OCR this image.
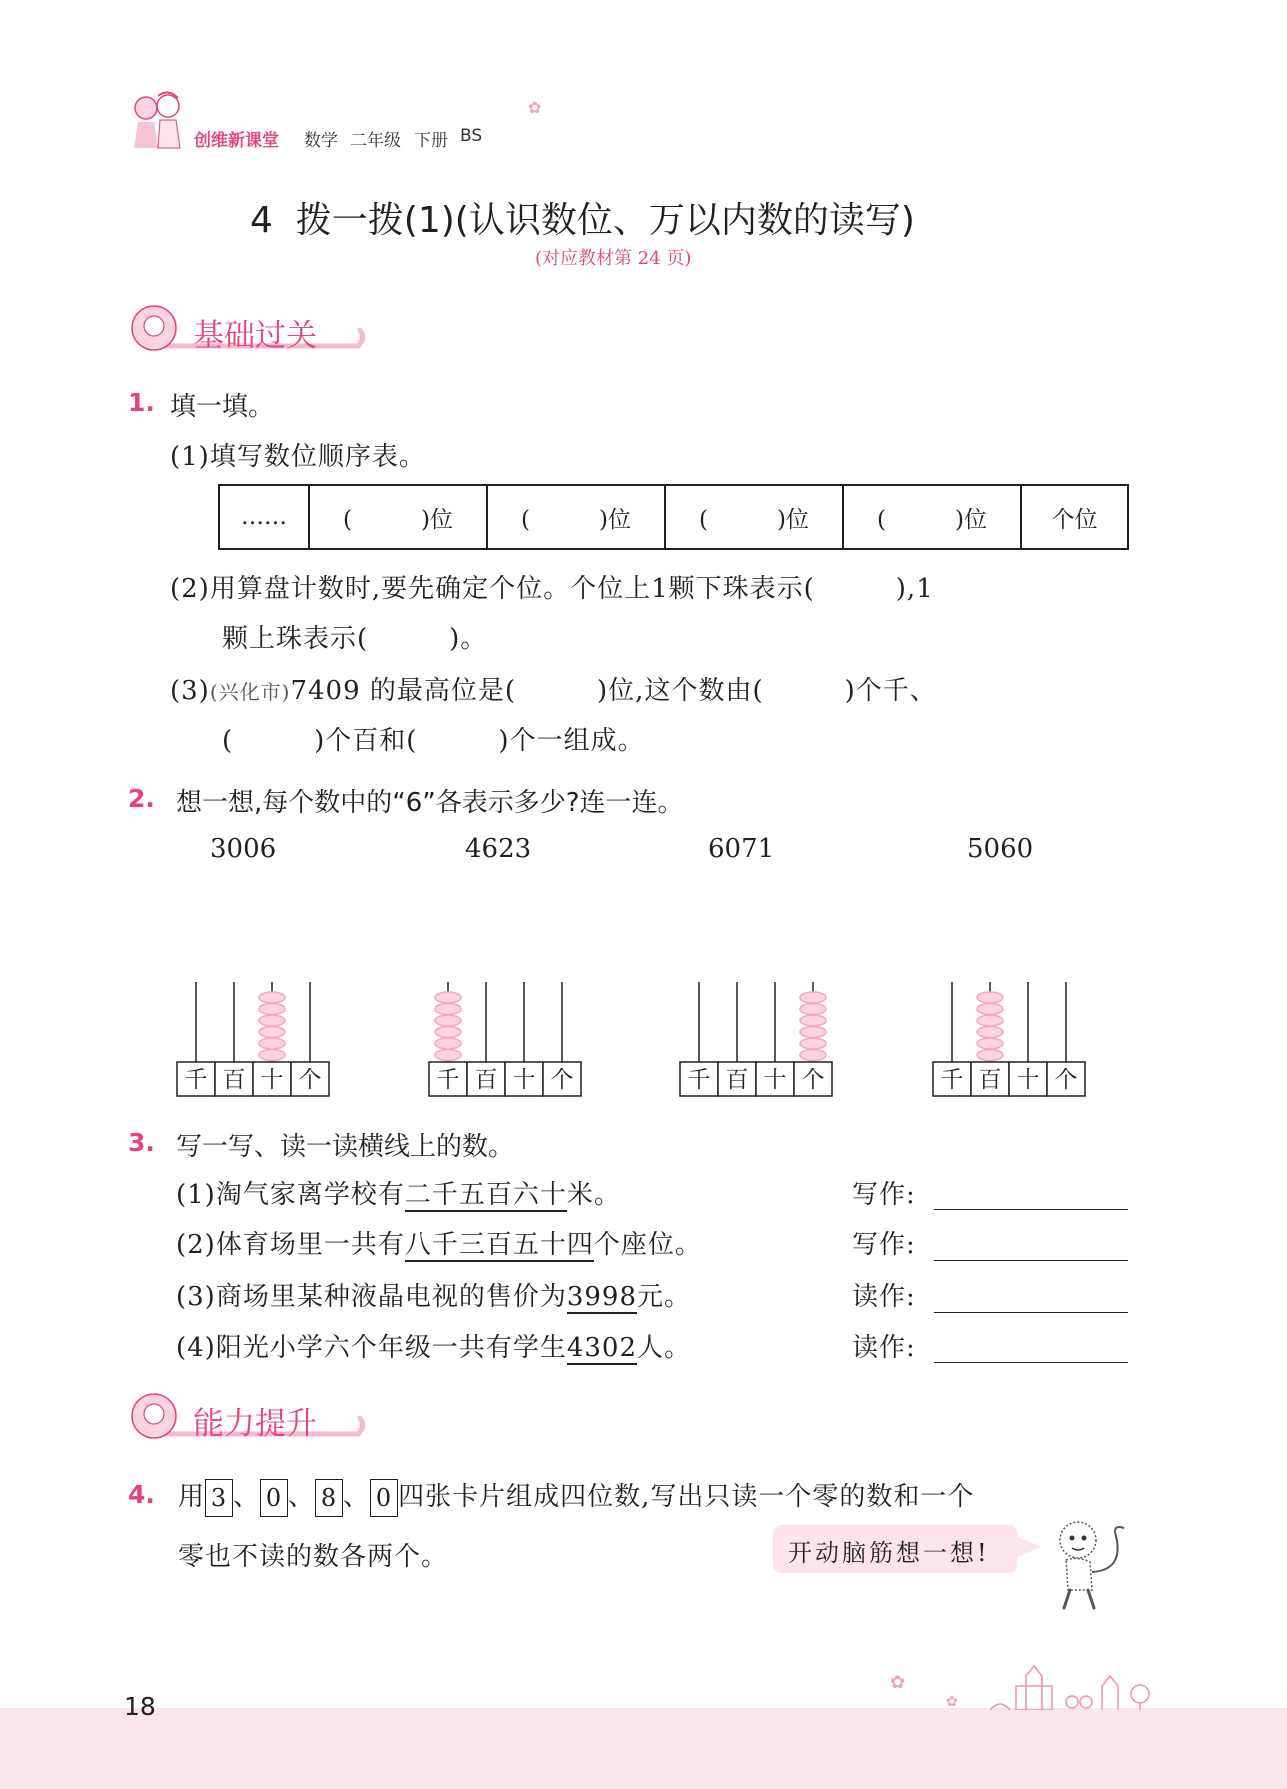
创维新课堂 数学 二年级 下册 BS
✿
4  拨一拨(1)(认识数位、万以内数的读写)
(对应教材第 24 页)
基础过关
1. 填一填。
(1)填写数位顺序表。
……	(　　　)位	(　　　)位	(　　　)位	(　　　)位	个位
(2)用算盘计数时,要先确定个位。个位上1颗下珠表示(　　　),1
颗上珠表示(　　　)。
(3)(兴化市)7409 的最高位是(　　　)位,这个数由(　　　)个千、
(　　　)个百和(　　　)个一组成。
2. 想一想,每个数中的“6”各表示多少?连一连。
3006	4623	6071	5060
千 百 十 个	千 百 十 个	千 百 十 个	千 百 十 个
3. 写一写、读一读横线上的数。
(1)淘气家离学校有二千五百六十米。	写作:
(2)体育场里一共有八千三百五十四个座位。	写作:
(3)商场里某种液晶电视的售价为3998元。	读作:
(4)阳光小学六个年级一共有学生4302人。	读作:
能力提升
4. 用 3 、 0 、 8 、 0 四张卡片组成四位数,写出只读一个零的数和一个
零也不读的数各两个。	开动脑筋想一想!
✿
✿
18
